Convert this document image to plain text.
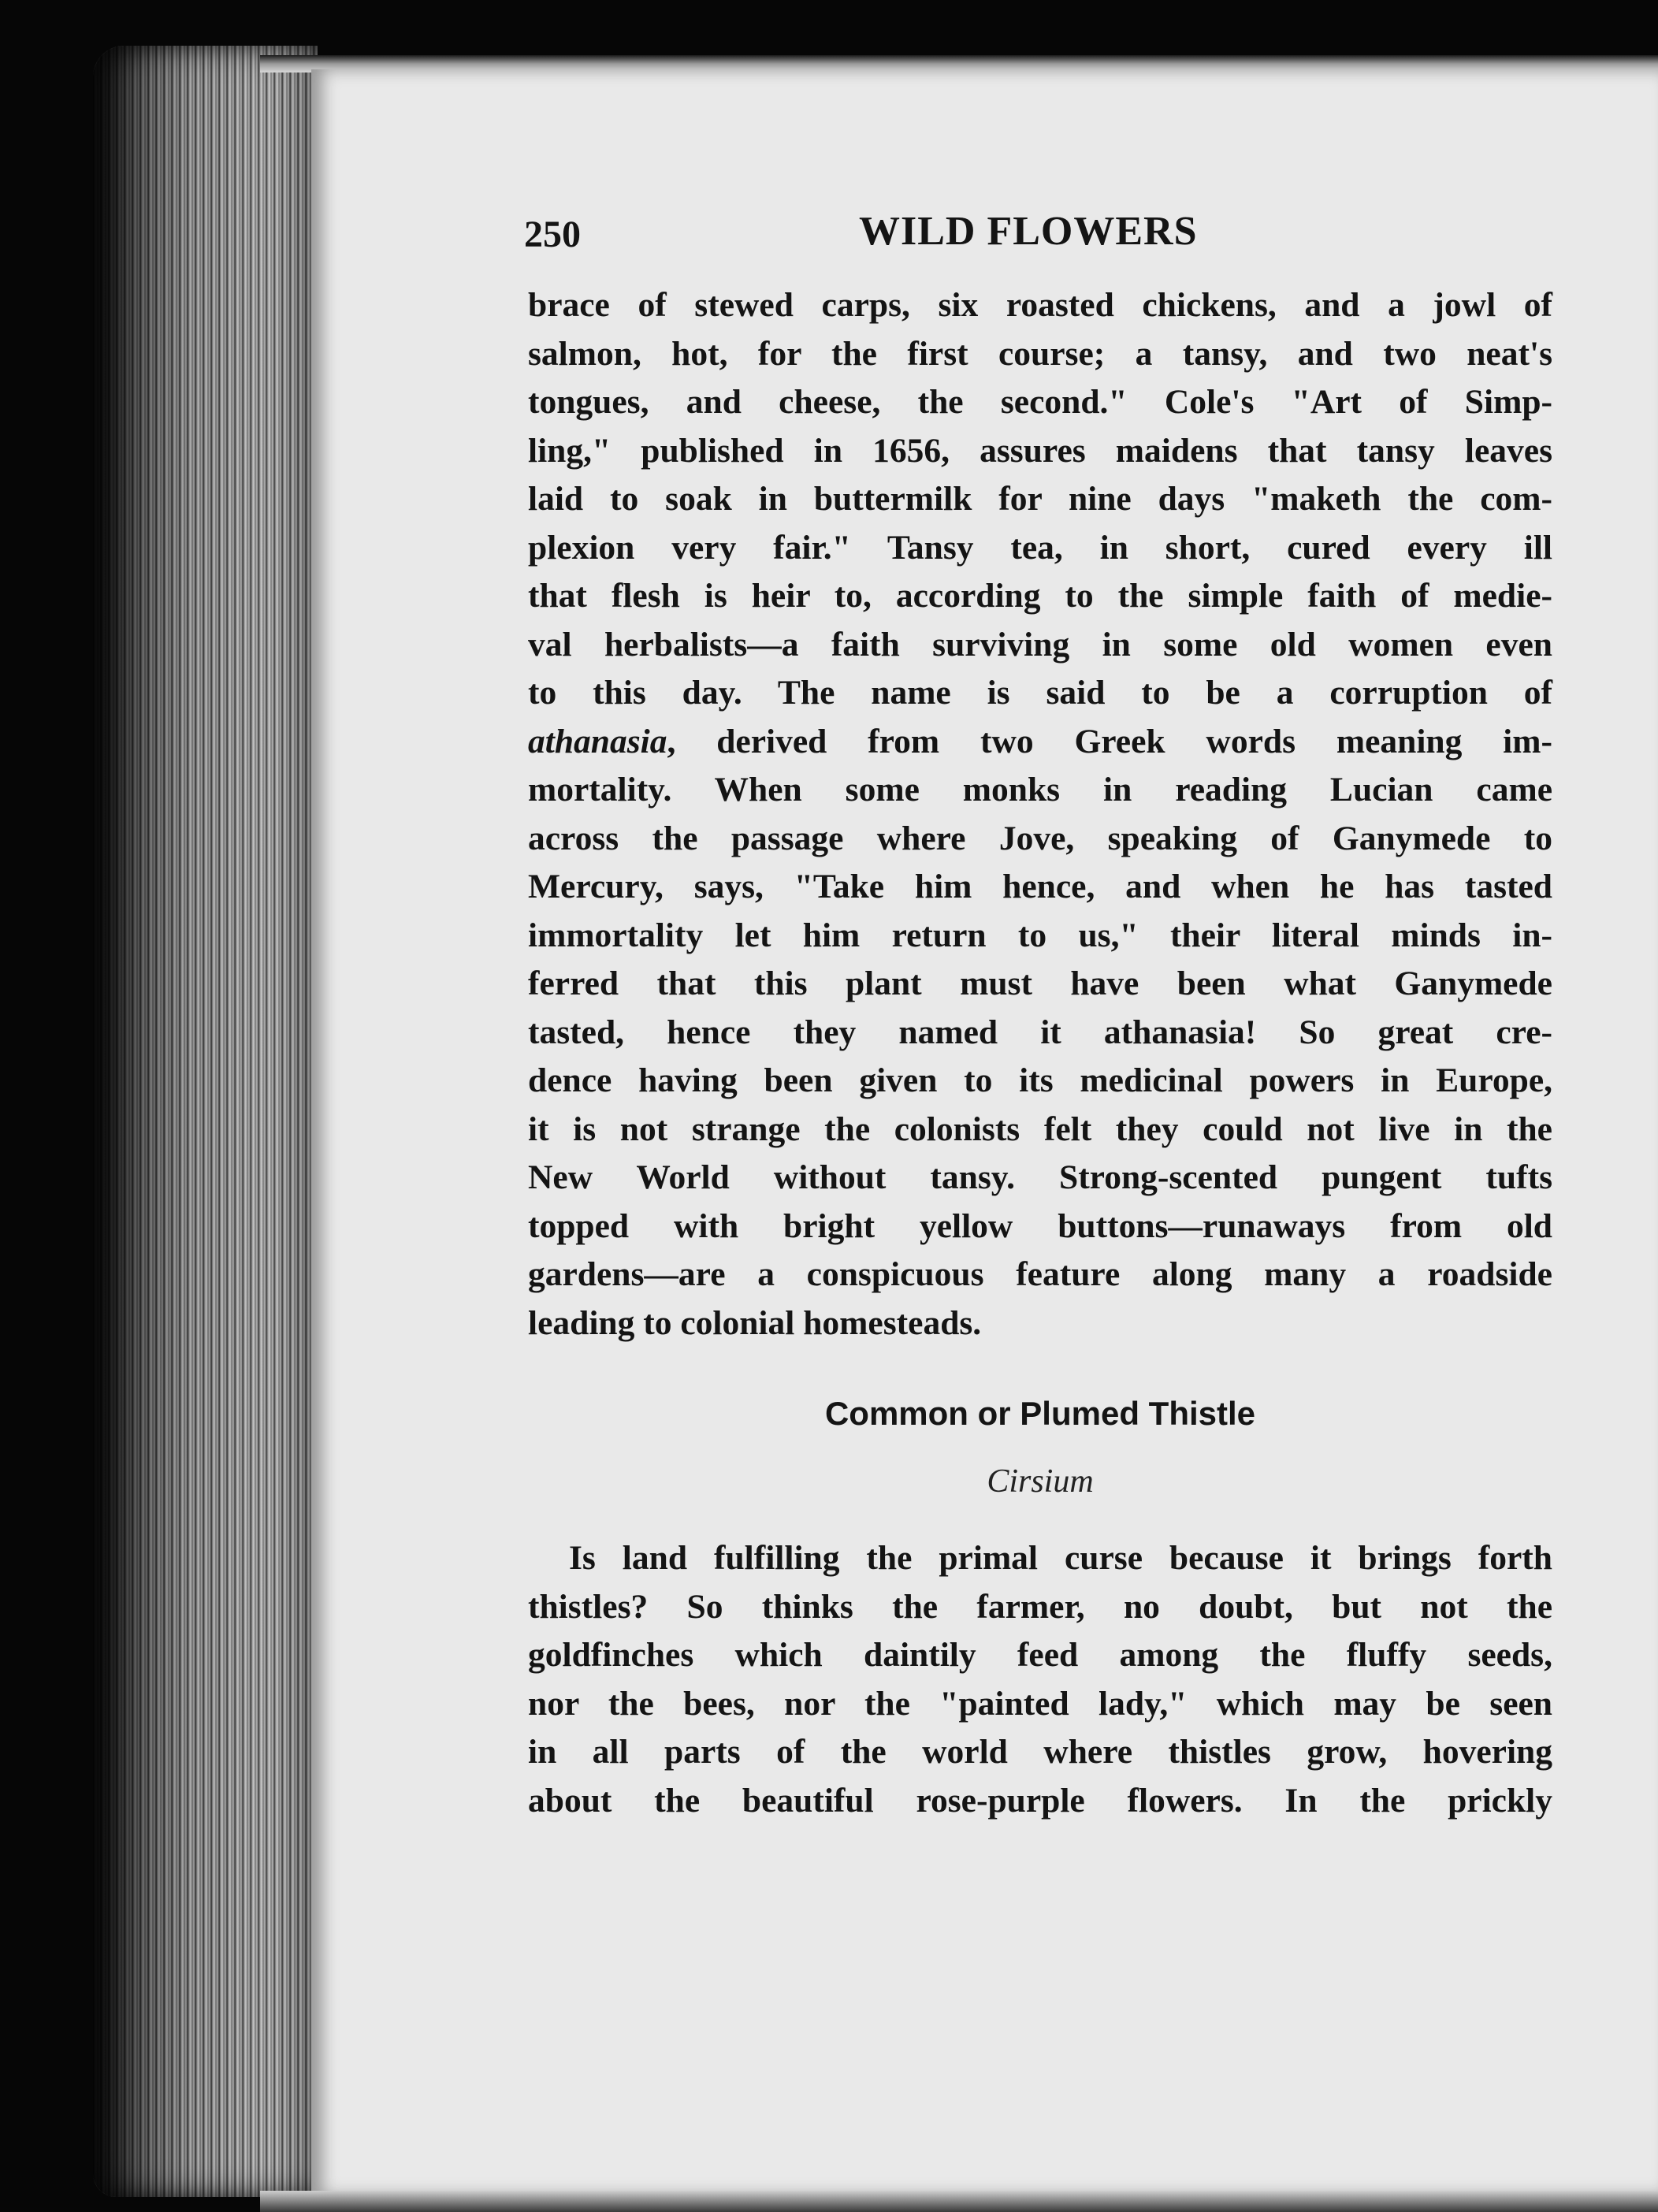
250	WILD FLOWERS
brace of stewed carps, six roasted chickens, and a jowl of
salmon, hot, for the first course; a tansy, and two neat's
tongues, and cheese, the second." Cole's "Art of Simp-
ling," published in 1656, assures maidens that tansy leaves
laid to soak in buttermilk for nine days "maketh the com-
plexion very fair." Tansy tea, in short, cured every ill
that flesh is heir to, according to the simple faith of medie-
val herbalists—a faith surviving in some old women even
to this day. The name is said to be a corruption of
athanasia, derived from two Greek words meaning im-
mortality. When some monks in reading Lucian came
across the passage where Jove, speaking of Ganymede to
Mercury, says, "Take him hence, and when he has tasted
immortality let him return to us," their literal minds in-
ferred that this plant must have been what Ganymede
tasted, hence they named it athanasia! So great cre-
dence having been given to its medicinal powers in Europe,
it is not strange the colonists felt they could not live in the
New World without tansy. Strong-scented pungent tufts
topped with bright yellow buttons—runaways from old
gardens—are a conspicuous feature along many a roadside
leading to colonial homesteads.
Common or Plumed Thistle
Cirsium
Is land fulfilling the primal curse because it brings forth
thistles? So thinks the farmer, no doubt, but not the
goldfinches which daintily feed among the fluffy seeds,
nor the bees, nor the "painted lady," which may be seen
in all parts of the world where thistles grow, hovering
about the beautiful rose-purple flowers. In the prickly
